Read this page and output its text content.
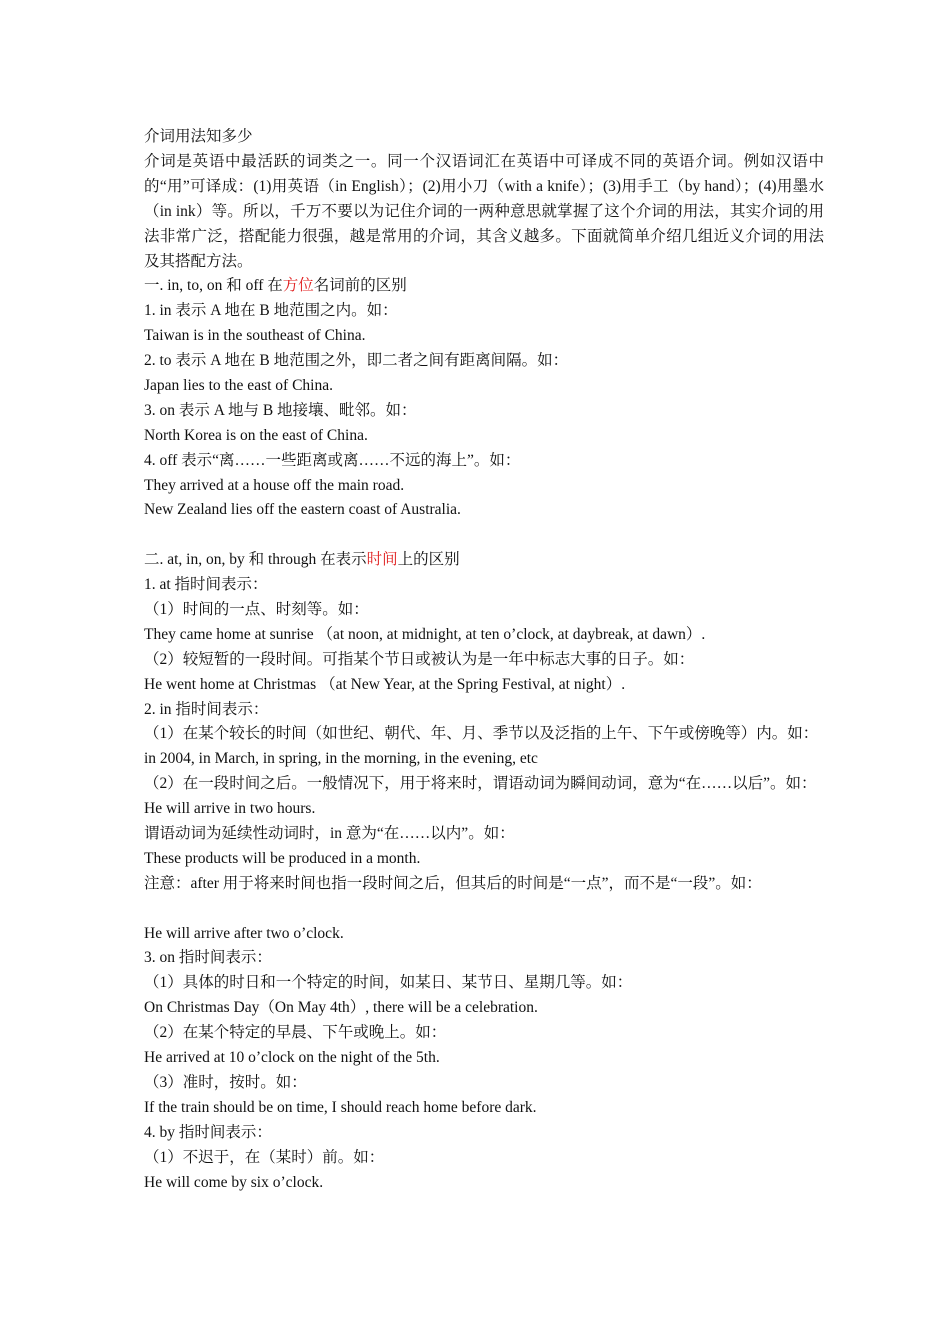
介词用法知多少
介词是英语中最活跃的词类之一。同一个汉语词汇在英语中可译成不同的英语介词。例如汉语中的“用”可译成：(1)用英语（in English）；(2)用小刀（with a knife）；(3)用手工（by hand）；(4)用墨水（in ink）等。所以，千万不要以为记住介词的一两种意思就掌握了这个介词的用法，其实介词的用法非常广泛，搭配能力很强，越是常用的介词，其含义越多。下面就简单介绍几组近义介词的用法及其搭配方法。
一. in, to, on 和 off 在方位名词前的区别
1. in 表示 A 地在 B 地范围之内。如：
Taiwan is in the southeast of China.
2. to 表示 A 地在 B 地范围之外，即二者之间有距离间隔。如：
Japan lies to the east of China.
3. on 表示 A 地与 B 地接壤、毗邻。如：
North Korea is on the east of China.
4. off 表示“离……一些距离或离……不远的海上”。如：
They arrived at a house off the main road.
New Zealand lies off the eastern coast of Australia.
二. at, in, on, by 和 through 在表示时间上的区别
1. at 指时间表示：
（1）时间的一点、时刻等。如：
They came home at sunrise （at noon, at midnight, at ten o’clock, at daybreak, at dawn）.
（2）较短暂的一段时间。可指某个节日或被认为是一年中标志大事的日子。如：
He went home at Christmas （at New Year, at the Spring Festival, at night）.
2. in 指时间表示：
（1）在某个较长的时间（如世纪、朝代、年、月、季节以及泛指的上午、下午或傍晚等）内。如：
in 2004, in March, in spring, in the morning, in the evening, etc
（2）在一段时间之后。一般情况下，用于将来时，谓语动词为瞬间动词，意为“在……以后”。如：
He will arrive in two hours.
谓语动词为延续性动词时，in 意为“在……以内”。如：
These products will be produced in a month.
注意：after 用于将来时间也指一段时间之后，但其后的时间是“一点”，而不是“一段”。如：
He will arrive after two o’clock.
3. on 指时间表示：
（1）具体的时日和一个特定的时间，如某日、某节日、星期几等。如：
On Christmas Day（On May 4th）, there will be a celebration.
（2）在某个特定的早晨、下午或晚上。如：
He arrived at 10 o’clock on the night of the 5th.
（3）准时，按时。如：
If the train should be on time, I should reach home before dark.
4. by 指时间表示：
（1）不迟于，在（某时）前。如：
He will come by six o’clock.
